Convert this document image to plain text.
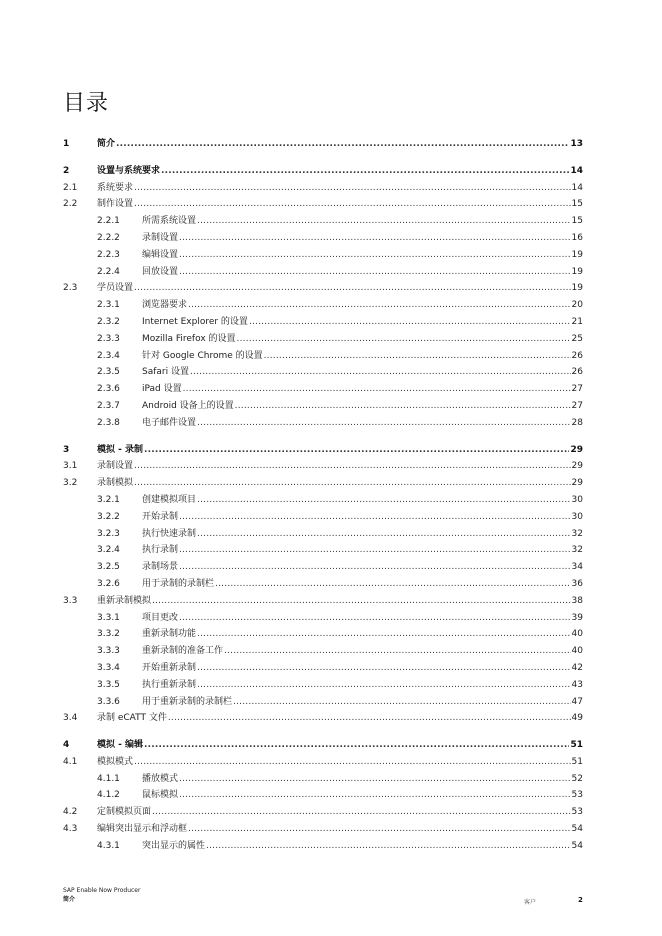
目录
1	简介 .....	13
2	设置与系统要求 .....	14
2.1 系统要求 .....	14
2.2 制作设置 .....	15
2.2.1 所需系统设置 .....	15
2.2.2 录制设置 .....	16
2.2.3 编辑设置 .....	19
2.2.4 回放设置 .....	19
2.3 学员设置 .....	19
2.3.1 浏览器要求 .....	20
2.3.2 Internet Explorer 的设置 .....	21
2.3.3 Mozilla Firefox 的设置 .....	25
2.3.4 针对 Google Chrome 的设置 .....	26
2.3.5 Safari 设置 .....	26
2.3.6 iPad 设置 .....	27
2.3.7 Android 设备上的设置 .....	27
2.3.8 电子邮件设置 .....	28
3	模拟 - 录制 .....	29
3.1 录制设置 .....	29
3.2 录制模拟 .....	29
3.2.1 创建模拟项目 .....	30
3.2.2 开始录制 .....	30
3.2.3 执行快速录制 .....	32
3.2.4 执行录制 .....	32
3.2.5 录制场景 .....	34
3.2.6 用于录制的录制栏 .....	36
3.3 重新录制模拟 .....	38
3.3.1 项目更改 .....	39
3.3.2 重新录制功能 .....	40
3.3.3 重新录制的准备工作 .....	40
3.3.4 开始重新录制 .....	42
3.3.5 执行重新录制 .....	43
3.3.6 用于重新录制的录制栏 .....	47
3.4 录制 eCATT 文件 .....	49
4	模拟 - 编辑 .....	51
4.1 模拟模式 .....	51
4.1.1 播放模式 .....	52
4.1.2 鼠标模拟 .....	53
4.2 定制模拟页面 .....	53
4.3 编辑突出显示和浮动框 .....	54
4.3.1 突出显示的属性 .....	54
SAP Enable Now Producer
简介	客户	2
